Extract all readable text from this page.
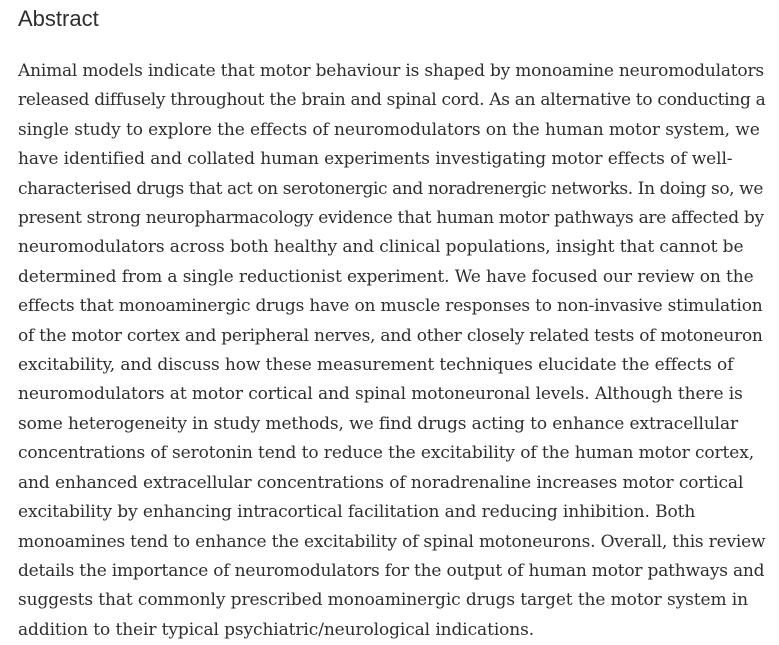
Abstract

Animal models indicate that motor behaviour is shaped by monoamine neuromodulators
released diffusely throughout the brain and spinal cord. As an alternative to conducting a
single study to explore the effects of neuromodulators on the human motor system, we
have identified and collated human experiments investigating motor effects of well-
characterised drugs that act on serotonergic and noradrenergic networks. In doing so, we
present strong neuropharmacology evidence that human motor pathways are affected by
neuromodulators across both healthy and clinical populations, insight that cannot be
determined from a single reductionist experiment. We have focused our review on the
effects that monoaminergic drugs have on muscle responses to non-invasive stimulation
of the motor cortex and peripheral nerves, and other closely related tests of motoneuron
excitability, and discuss how these measurement techniques elucidate the effects of
neuromodulators at motor cortical and spinal motoneuronal levels. Although there is
some heterogeneity in study methods, we find drugs acting to enhance extracellular
concentrations of serotonin tend to reduce the excitability of the human motor cortex,
and enhanced extracellular concentrations of noradrenaline increases motor cortical
excitability by enhancing intracortical facilitation and reducing inhibition. Both
monoamines tend to enhance the excitability of spinal motoneurons. Overall, this review
details the importance of neuromodulators for the output of human motor pathways and
suggests that commonly prescribed monoaminergic drugs target the motor system in
addition to their typical psychiatric/neurological indications.
